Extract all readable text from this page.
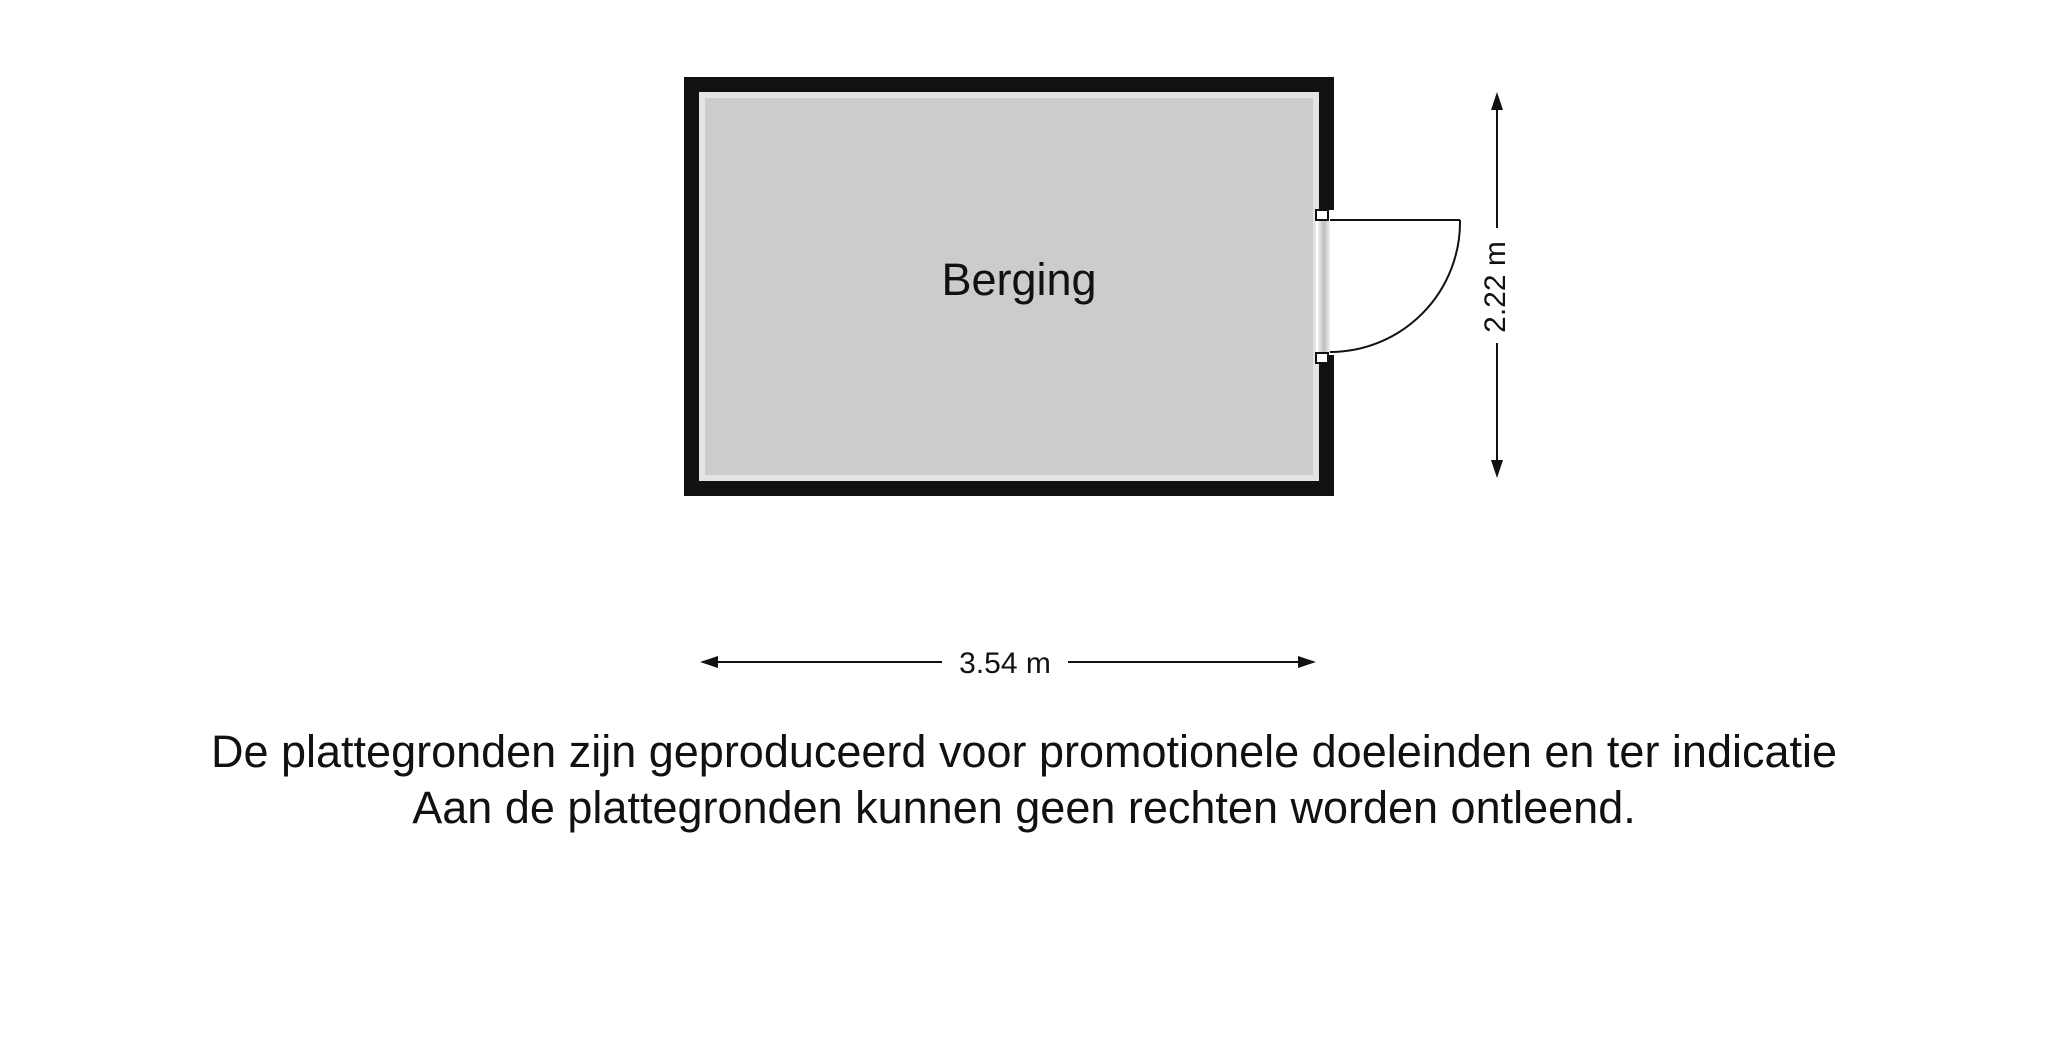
Berging	2.22 m
3.54 m
De plattegronden zijn geproduceerd voor promotionele doeleinden en ter indicatie
Aan de plattegronden kunnen geen rechten worden ontleend.
